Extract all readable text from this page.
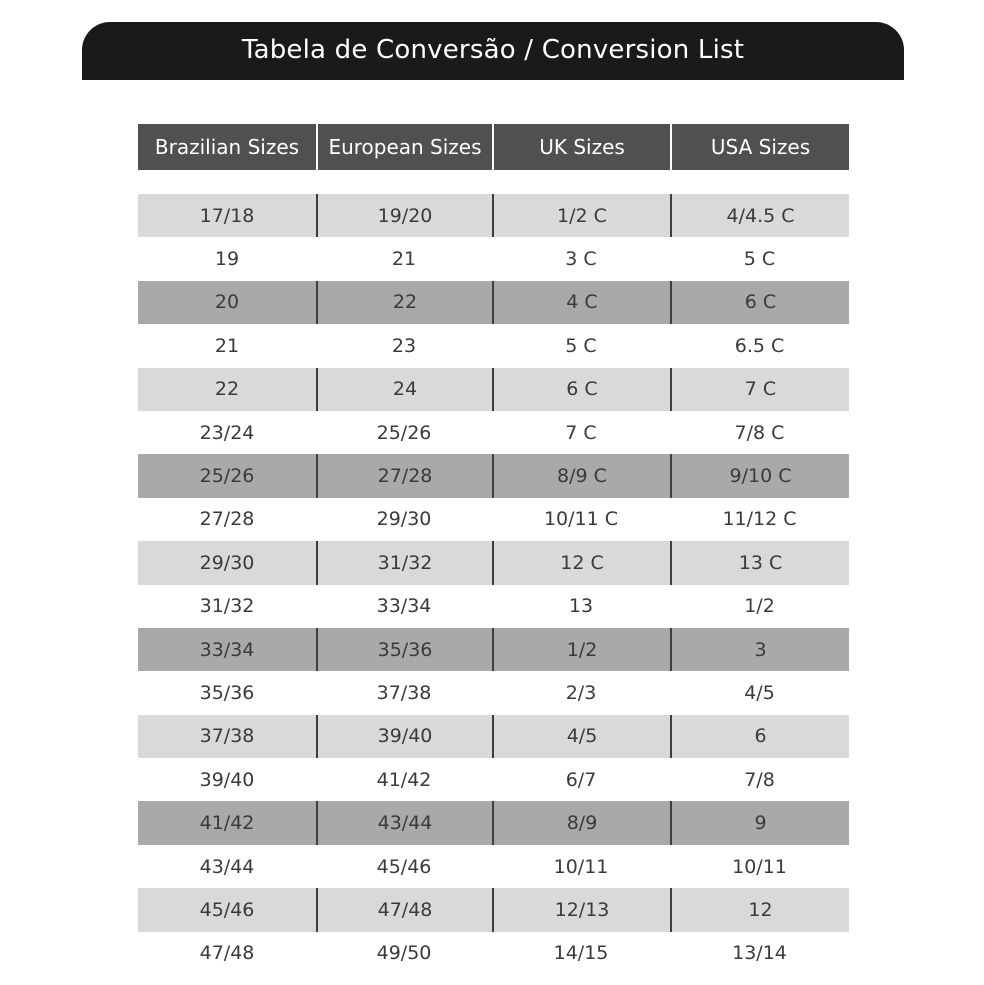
Tabela de Conversão / Conversion List
Brazilian Sizes	European Sizes	UK Sizes	USA Sizes
17/18	19/20	1/2 C	4/4.5 C
19	21	3 C	5 C
20	22	4 C	6 C
21	23	5 C	6.5 C
22	24	6 C	7 C
23/24	25/26	7 C	7/8 C
25/26	27/28	8/9 C	9/10 C
27/28	29/30	10/11 C	11/12 C
29/30	31/32	12 C	13 C
31/32	33/34	13	1/2
33/34	35/36	1/2	3
35/36	37/38	2/3	4/5
37/38	39/40	4/5	6
39/40	41/42	6/7	7/8
41/42	43/44	8/9	9
43/44	45/46	10/11	10/11
45/46	47/48	12/13	12
47/48	49/50	14/15	13/14
